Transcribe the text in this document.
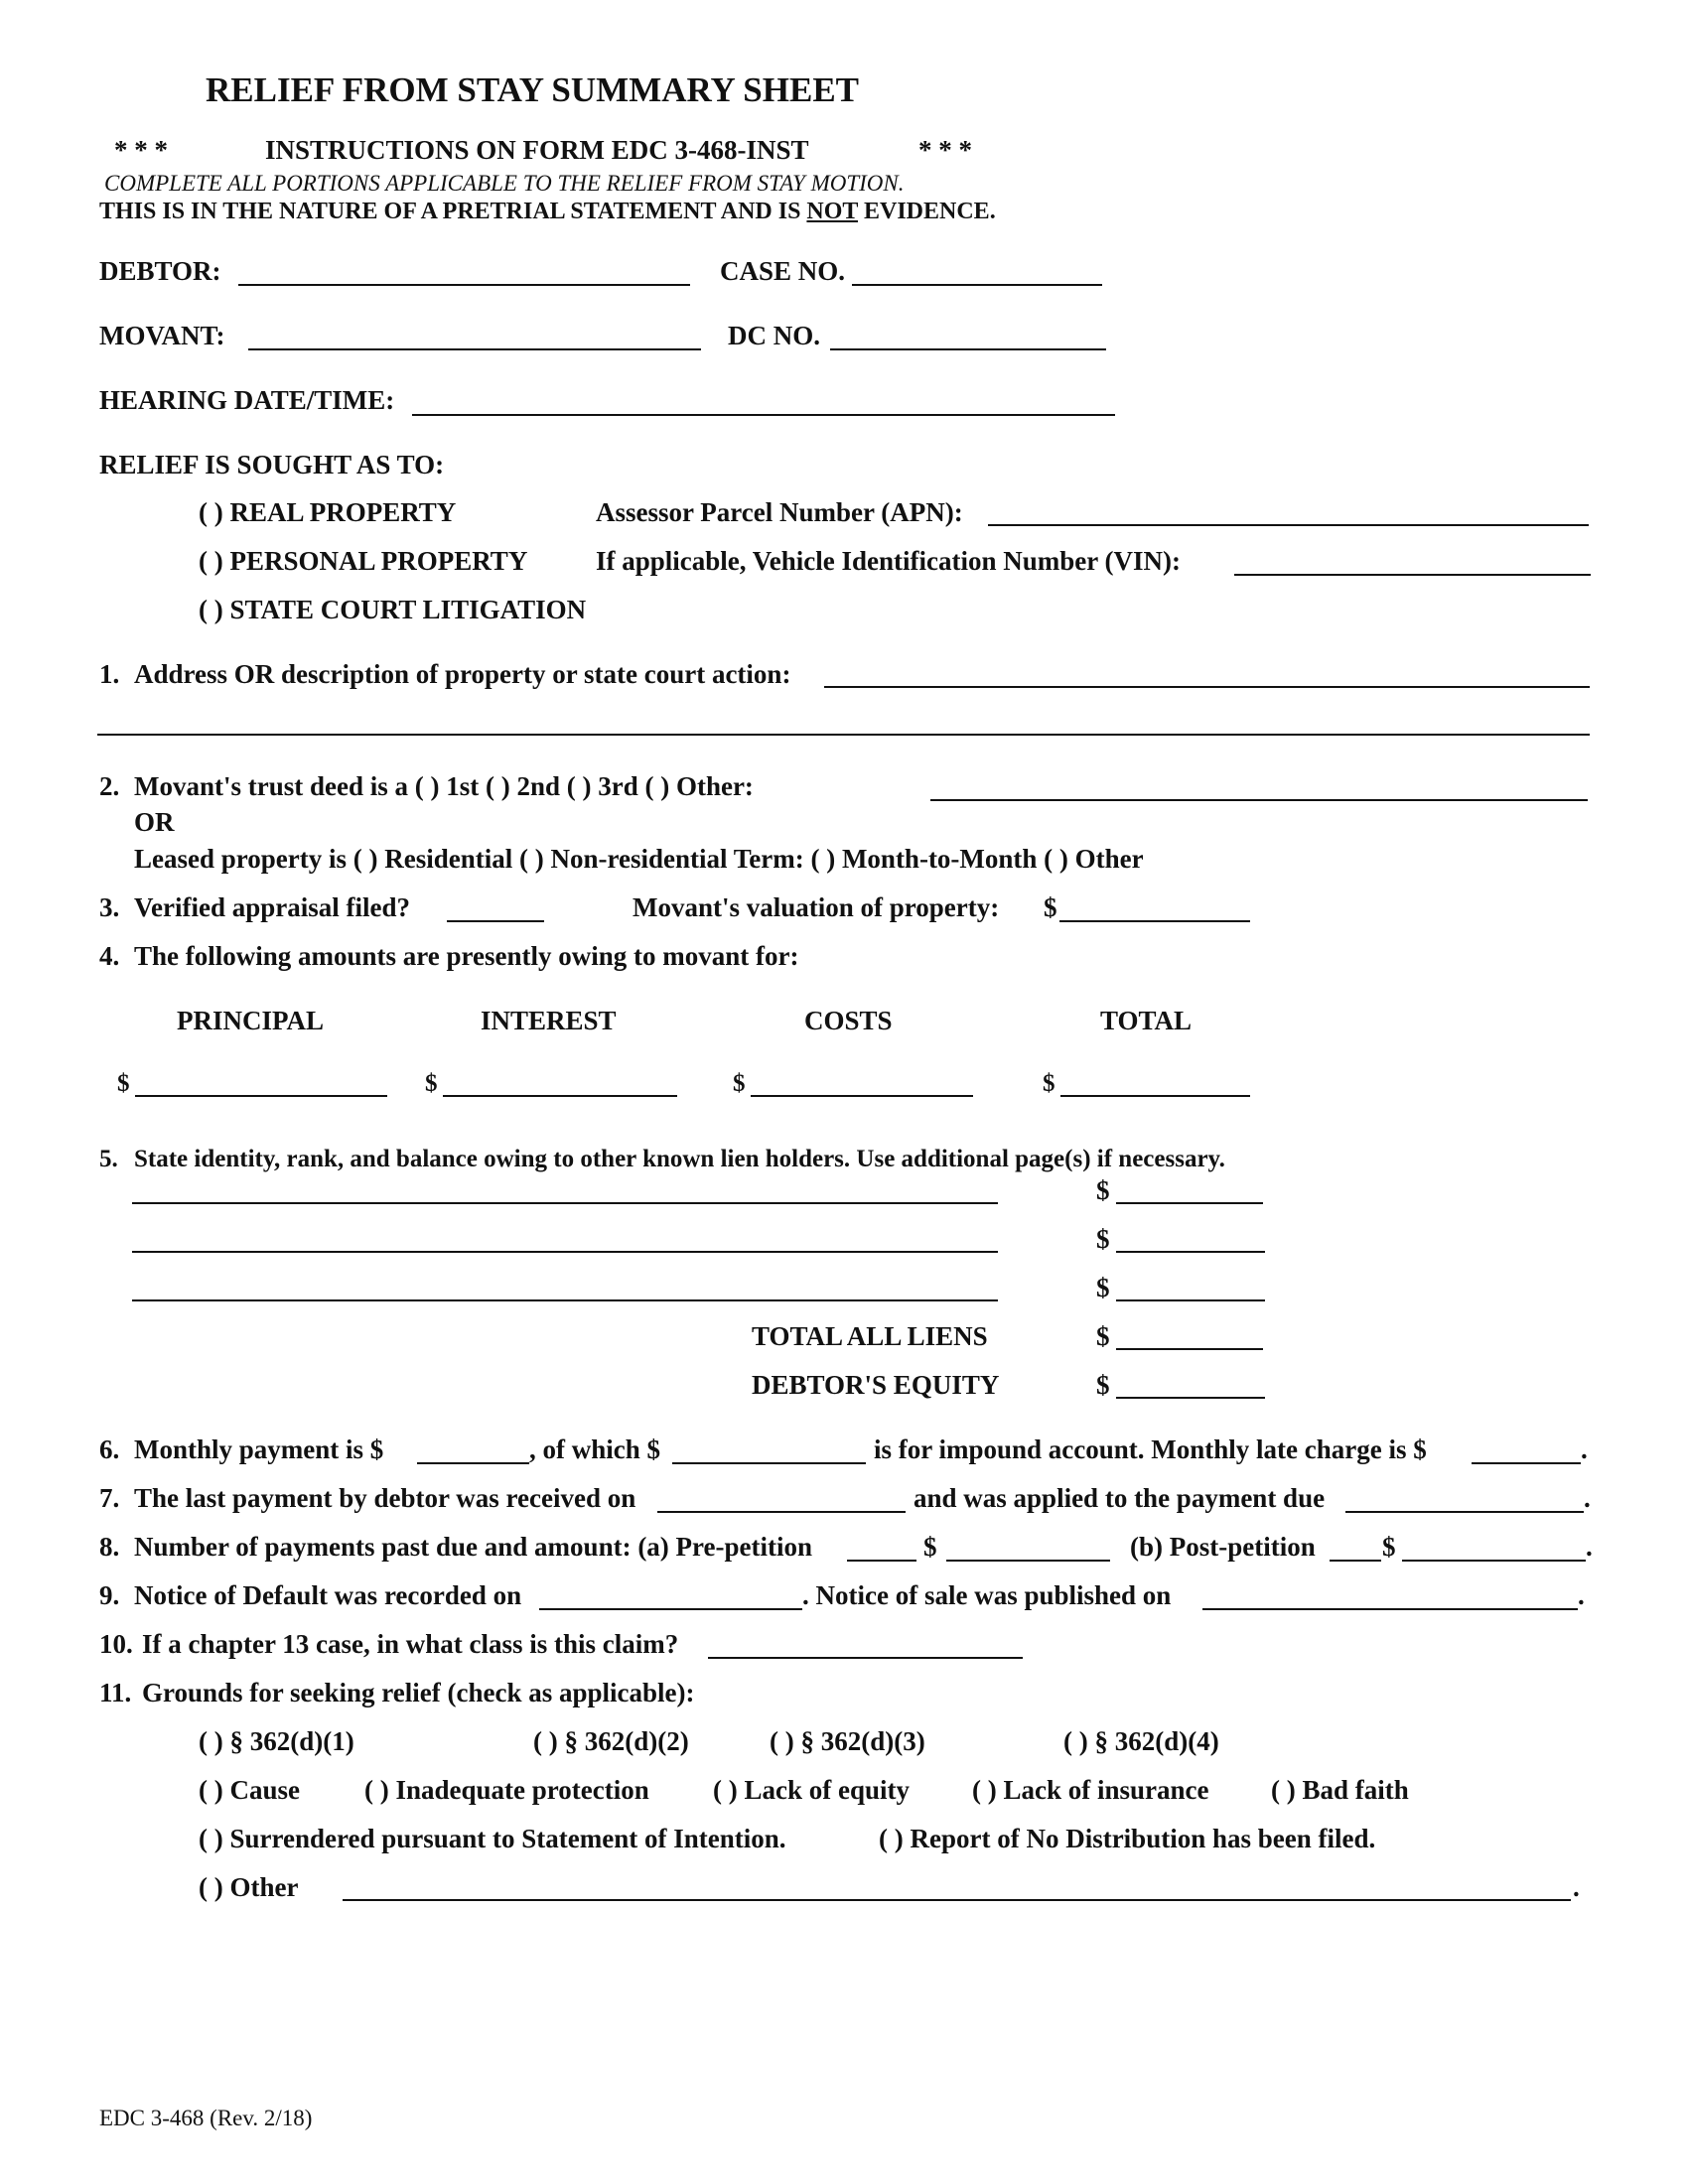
RELIEF FROM STAY SUMMARY SHEET
* * *	INSTRUCTIONS ON FORM EDC 3-468-INST	* * *
COMPLETE ALL PORTIONS APPLICABLE TO THE RELIEF FROM STAY MOTION.
THIS IS IN THE NATURE OF A PRETRIAL STATEMENT AND IS NOT EVIDENCE.
DEBTOR:	CASE NO.
MOVANT:	DC NO.
HEARING DATE/TIME:
RELIEF IS SOUGHT AS TO:
( ) REAL PROPERTY	Assessor Parcel Number (APN):
( ) PERSONAL PROPERTY	If applicable, Vehicle Identification Number (VIN):
( ) STATE COURT LITIGATION
1. Address OR description of property or state court action:
2. Movant's trust deed is a ( ) 1st ( ) 2nd ( ) 3rd ( ) Other:
OR
Leased property is ( ) Residential ( ) Non-residential Term: ( ) Month-to-Month ( ) Other
3. Verified appraisal filed?	Movant's valuation of property: $
4. The following amounts are presently owing to movant for:
PRINCIPAL	INTEREST	COSTS	TOTAL
$	$	$	$
5. State identity, rank, and balance owing to other known lien holders. Use additional page(s) if necessary.
$
$
$
TOTAL ALL LIENS	$
DEBTOR'S EQUITY	$
6. Monthly payment is $	, of which $	is for impound account. Monthly late charge is $	.
7. The last payment by debtor was received on	and was applied to the payment due	.
8. Number of payments past due and amount: (a) Pre-petition	$	(b) Post-petition $	.
9. Notice of Default was recorded on	. Notice of sale was published on	.
10. If a chapter 13 case, in what class is this claim?
11. Grounds for seeking relief (check as applicable):
( ) § 362(d)(1)	( ) § 362(d)(2)	( ) § 362(d)(3)	( ) § 362(d)(4)
( ) Cause ( ) Inadequate protection ( ) Lack of equity ( ) Lack of insurance ( ) Bad faith
( ) Surrendered pursuant to Statement of Intention.	( ) Report of No Distribution has been filed.
( ) Other	.
EDC 3-468 (Rev. 2/18)
